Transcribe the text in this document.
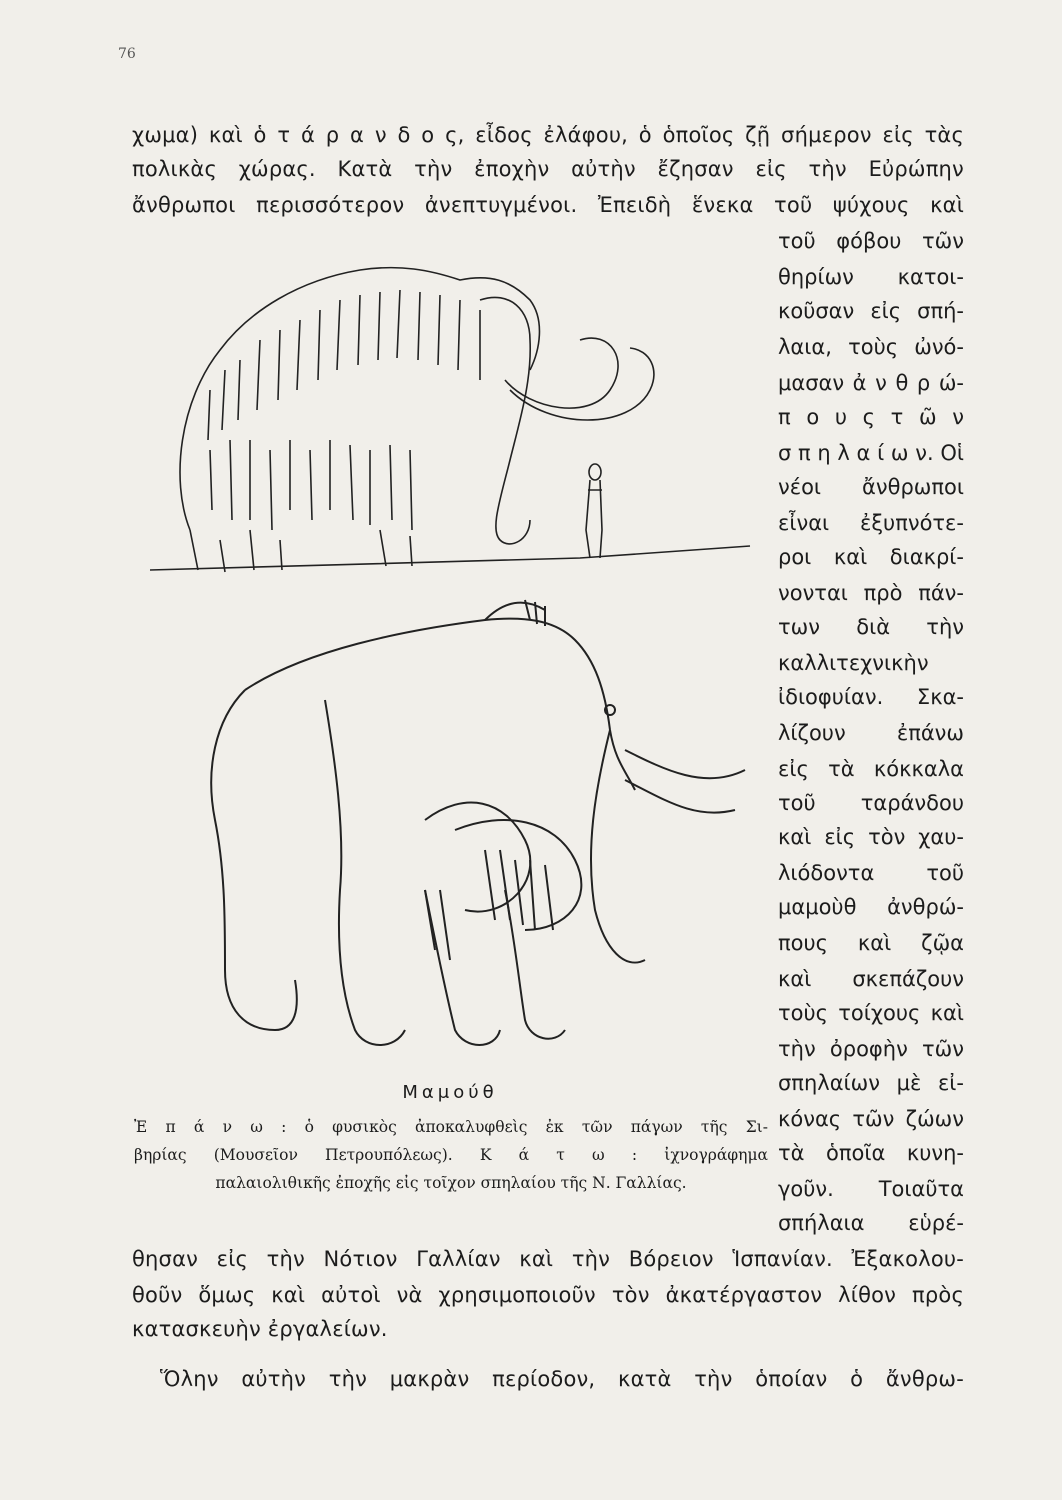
76
χωμα) καὶ ὁ τ ά ρ α ν δ ο ς, εἶδος ἐλάφου, ὁ ὁποῖος ζῇ σήμερον εἰς τὰς
πολικὰς χώρας. Κατὰ τὴν ἐποχὴν αὐτὴν ἔζησαν εἰς τὴν Εὐρώπην
ἄνθρωποι περισσότερον ἀνεπτυγμένοι. Ἐπειδὴ ἕνεκα τοῦ ψύχους καὶ
τοῦ φόβου τῶν
θηρίων κατοι-
κοῦσαν εἰς σπή-
λαια, τοὺς ὠνό-
μασαν ἀ ν θ ρ ώ-
π ο υ ς τ ῶ ν
σ π η λ α ί ω ν. Οἱ
νέοι ἄνθρωποι
εἶναι ἐξυπνότε-
ροι καὶ διακρί-
νονται πρὸ πάν-
των διὰ τὴν
καλλιτεχνικὴν
ἰδιοφυίαν. Σκα-
λίζουν ἐπάνω
εἰς τὰ κόκκαλα
τοῦ ταράνδου
καὶ εἰς τὸν χαυ-
λιόδοντα τοῦ
μαμοὺθ ἀνθρώ-
πους καὶ ζῷα
καὶ σκεπάζουν
τοὺς τοίχους καὶ
τὴν ὀροφὴν τῶν
σπηλαίων μὲ εἰ-
κόνας τῶν ζώων
τὰ ὁποῖα κυνη-
γοῦν. Τοιαῦτα
σπήλαια εὑρέ-
Μαμούθ
Ἐ π ά ν ω : ὁ φυσικὸς ἀποκαλυφθεὶς ἐκ τῶν πάγων τῆς Σι-
βηρίας (Μουσεῖον Πετρουπόλεως). Κ ά τ ω : ἰχνογράφημα
παλαιολιθικῆς ἐποχῆς εἰς τοῖχον σπηλαίου τῆς Ν. Γαλλίας.
θησαν εἰς τὴν Νότιον Γαλλίαν καὶ τὴν Βόρειον Ἱσπανίαν. Ἐξακολου-
θοῦν ὅμως καὶ αὐτοὶ νὰ χρησιμοποιοῦν τὸν ἀκατέργαστον λίθον πρὸς
κατασκευὴν ἐργαλείων.
Ὅλην αὐτὴν τὴν μακρὰν περίοδον, κατὰ τὴν ὁποίαν ὁ ἄνθρω-
